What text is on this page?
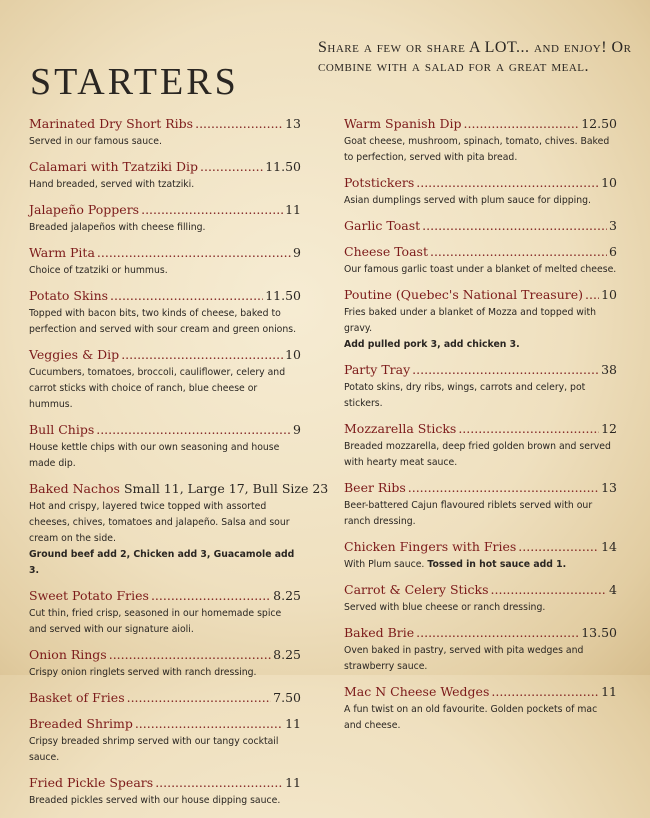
STARTERS

Share a few or share A LOT... and enjoy! Or combine with a salad for a great meal.

Marinated Dry Short Ribs .....	13
Served in our famous sauce.
Calamari with Tzatziki Dip .....	11.50
Hand breaded, served with tzatziki.
Jalapeño Poppers .....	11
Breaded jalapeños with cheese filling.
Warm Pita .....	9
Choice of tzatziki or hummus.
Potato Skins .....	11.50
Topped with bacon bits, two kinds of cheese, baked to perfection and served with sour cream and green onions.
Veggies & Dip .....	10
Cucumbers, tomatoes, broccoli, cauliflower, celery and carrot sticks with choice of ranch, blue cheese or hummus.
Bull Chips .....	9
House kettle chips with our own seasoning and house made dip.
Baked Nachos Small 11, Large 17, Bull Size 23
Hot and crispy, layered twice topped with assorted cheeses, chives, tomatoes and jalapeño. Salsa and sour cream on the side.
Ground beef add 2, Chicken add 3, Guacamole add 3.
Sweet Potato Fries .....	8.25
Cut thin, fried crisp, seasoned in our homemade spice and served with our signature aioli.
Onion Rings .....	8.25
Crispy onion ringlets served with ranch dressing.
Basket of Fries .....	7.50
Breaded Shrimp .....	11
Cripsy breaded shrimp served with our tangy cocktail sauce.
Fried Pickle Spears .....	11
Breaded pickles served with our house dipping sauce.
Warm Spanish Dip .....	12.50
Goat cheese, mushroom, spinach, tomato, chives. Baked to perfection, served with pita bread.
Potstickers .....	10
Asian dumplings served with plum sauce for dipping.
Garlic Toast .....	3
Cheese Toast .....	6
Our famous garlic toast under a blanket of melted cheese.
Poutine (Quebec's National Treasure) ..... 10
Fries baked under a blanket of Mozza and topped with gravy.
Add pulled pork 3, add chicken 3.
Party Tray .....	38
Potato skins, dry ribs, wings, carrots and celery, pot stickers.
Mozzarella Sticks .....	12
Breaded mozzarella, deep fried golden brown and served with hearty meat sauce.
Beer Ribs .....	13
Beer-battered Cajun flavoured riblets served with our ranch dressing.
Chicken Fingers with Fries .....	14
With Plum sauce. Tossed in hot sauce add 1.
Carrot & Celery Sticks .....	4
Served with blue cheese or ranch dressing.
Baked Brie .....	13.50
Oven baked in pastry, served with pita wedges and strawberry sauce.
Mac N Cheese Wedges .....	11
A fun twist on an old favourite. Golden pockets of mac and cheese.
